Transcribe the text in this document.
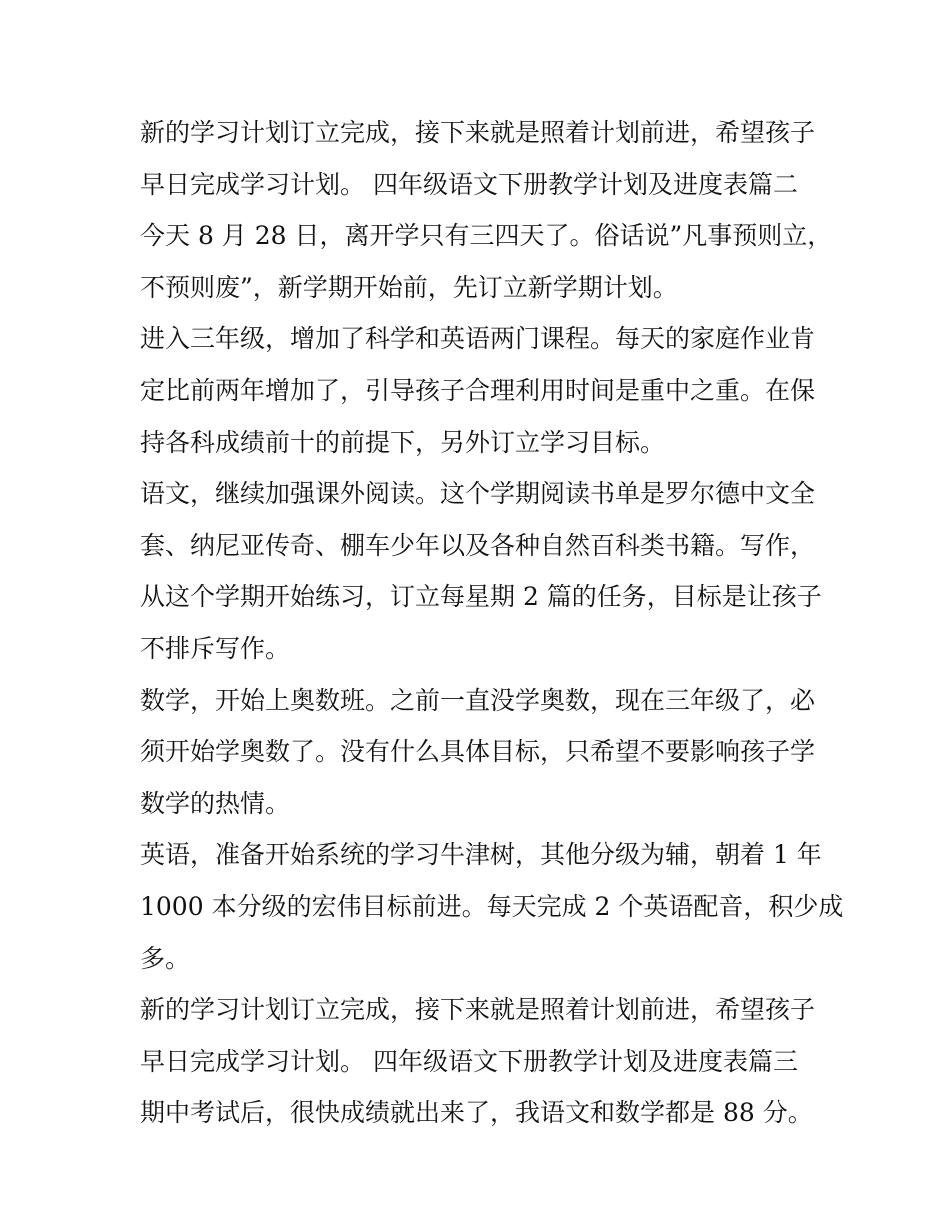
新的学习计划订立完成，接下来就是照着计划前进，希望孩子
早日完成学习计划。 四年级语文下册教学计划及进度表篇二
今天 8 月 28 日，离开学只有三四天了。俗话说”凡事预则立，
不预则废”，新学期开始前，先订立新学期计划。
进入三年级，增加了科学和英语两门课程。每天的家庭作业肯
定比前两年增加了，引导孩子合理利用时间是重中之重。在保
持各科成绩前十的前提下，另外订立学习目标。
语文，继续加强课外阅读。这个学期阅读书单是罗尔德中文全
套、纳尼亚传奇、棚车少年以及各种自然百科类书籍。写作，
从这个学期开始练习，订立每星期 2 篇的任务，目标是让孩子
不排斥写作。
数学，开始上奥数班。之前一直没学奥数，现在三年级了，必
须开始学奥数了。没有什么具体目标，只希望不要影响孩子学
数学的热情。
英语，准备开始系统的学习牛津树，其他分级为辅，朝着 1 年
1000 本分级的宏伟目标前进。每天完成 2 个英语配音，积少成
多。
新的学习计划订立完成，接下来就是照着计划前进，希望孩子
早日完成学习计划。 四年级语文下册教学计划及进度表篇三
期中考试后，很快成绩就出来了，我语文和数学都是 88 分。
